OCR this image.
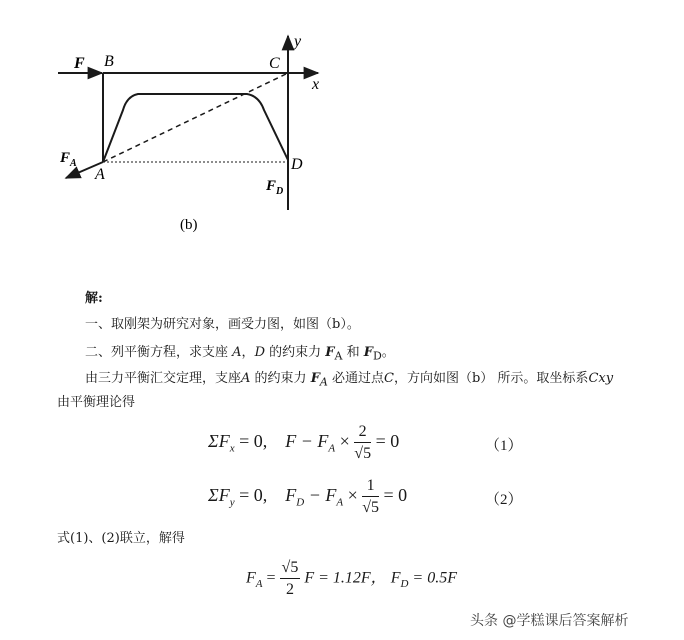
F B	C
x
y
A
D
$F_A$
$F_D$
(b)
解:
一、取刚架为研究对象，画受力图，如图（b）。
二、列平衡方程，求支座 A，D 的约束力 $F_A$ 和 $F_D$。
由三力平衡汇交定理，支座A 的约束力 $F_A$ 必通过点C，方向如图（b） 所示。取坐标系Cxy
由平衡理论得
$\Sigma F_x = 0$, $F - F_A \times \frac{2}{√5} = 0$	（1）
$\Sigma F_y = 0$, $F_D - F_A \times \frac{1}{√5} = 0$	（2）
式(1)、(2)联立，解得
$F_A = \frac{√5}{2}$ F = 1.12F， $F_D = 0.5F$
头条 @学糕课后答案解析
